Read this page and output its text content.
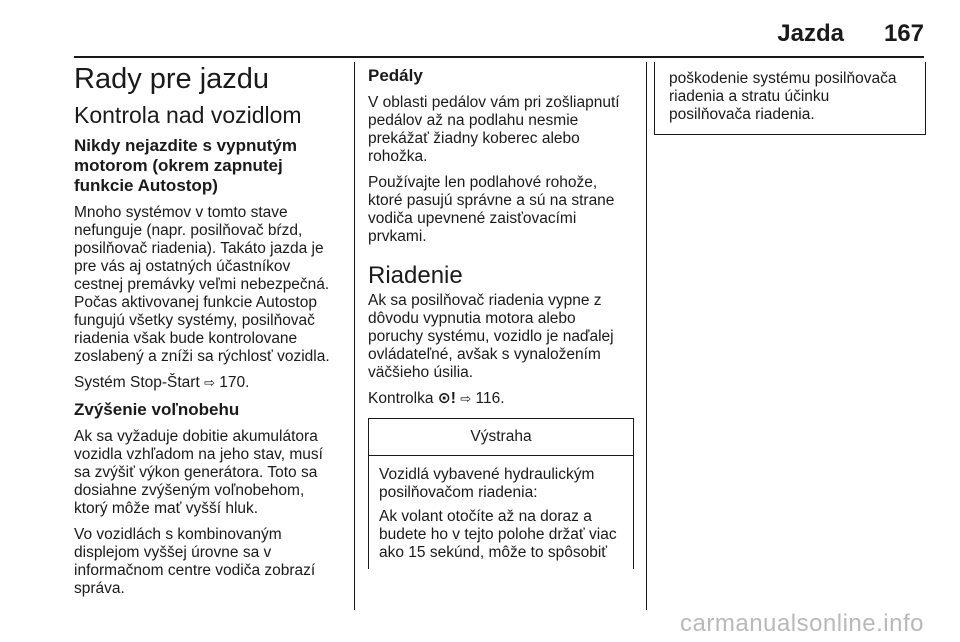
Jazda 167
Rady pre jazdu
Kontrola nad vozidlom
Nikdy nejazdite s vypnutým motorom (okrem zapnutej funkcie Autostop)

Mnoho systémov v tomto stave nefunguje (napr. posilňovač bŕzd, posilňovač riadenia). Takáto jazda je pre vás aj ostatných účastníkov cestnej premávky veľmi nebezpečná. Počas aktivovanej funkcie Autostop fungujú všetky systémy, posilňovač riadenia však bude kontrolovane zoslabený a zníži sa rýchlosť vozidla.

Systém Stop-Štart ⇨ 170.

Zvýšenie voľnobehu

Ak sa vyžaduje dobitie akumulátora vozidla vzhľadom na jeho stav, musí sa zvýšiť výkon generátora. Toto sa dosiahne zvýšeným voľnobehom, ktorý môže mať vyšší hluk.

Vo vozidlách s kombinovaným displejom vyššej úrovne sa v informačnom centre vodiča zobrazí správa.

Pedály

V oblasti pedálov vám pri zošliapnutí pedálov až na podlahu nesmie prekážať žiadny koberec alebo rohožka.

Používajte len podlahové rohože, ktoré pasujú správne a sú na strane vodiča upevnené zaisťovacími prvkami.

Riadenie

Ak sa posilňovač riadenia vypne z dôvodu vypnutia motora alebo poruchy systému, vozidlo je naďalej ovládateľné, avšak s vynaložením väčšieho úsilia.

Kontrolka ⊙! ⇨ 116.

Výstraha

Vozidlá vybavené hydraulickým posilňovačom riadenia:

Ak volant otočíte až na doraz a budete ho v tejto polohe držať viac ako 15 sekúnd, môže to spôsobiť

poškodenie systému posilňovača riadenia a stratu účinku posilňovača riadenia.

carmanualsonline.info
